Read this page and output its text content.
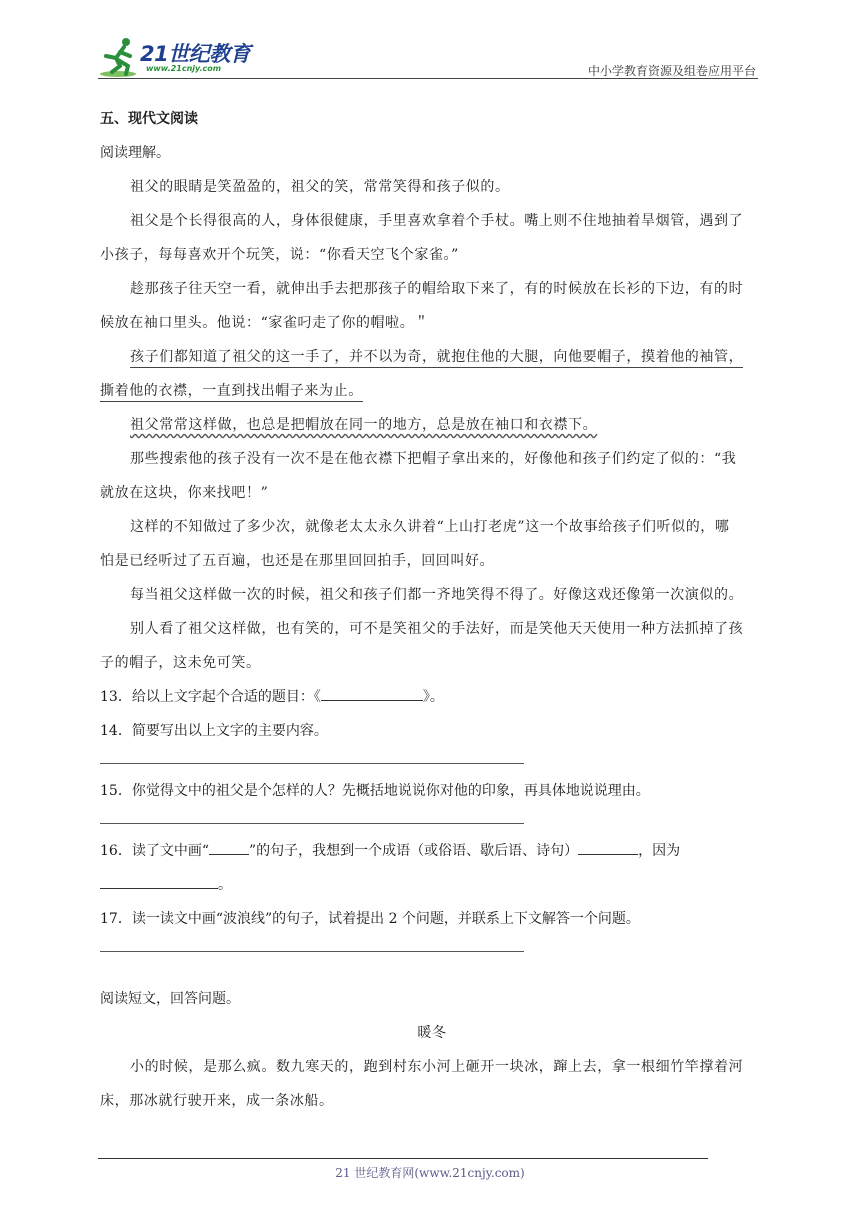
21世纪教育
www.21cnjy.com	中小学教育资源及组卷应用平台

五、现代文阅读

阅读理解。

祖父的眼睛是笑盈盈的，祖父的笑，常常笑得和孩子似的。

祖父是个长得很高的人，身体很健康，手里喜欢拿着个手杖。嘴上则不住地抽着旱烟管，遇到了

小孩子，每每喜欢开个玩笑，说：“你看天空飞个家雀。”

趁那孩子往天空一看，就伸出手去把那孩子的帽给取下来了，有的时候放在长衫的下边，有的时

候放在袖口里头。他说：“家雀叼走了你的帽啦。＂

孩子们都知道了祖父的这一手了，并不以为奇，就抱住他的大腿，向他要帽子，摸着他的袖管，

撕着他的衣襟，一直到找出帽子来为止。

祖父常常这样做，也总是把帽放在同一的地方，总是放在袖口和衣襟下。

那些搜索他的孩子没有一次不是在他衣襟下把帽子拿出来的，好像他和孩子们约定了似的：“我

就放在这块，你来找吧！”

这样的不知做过了多少次，就像老太太永久讲着“上山打老虎”这一个故事给孩子们听似的，哪

怕是已经听过了五百遍，也还是在那里回回拍手，回回叫好。

每当祖父这样做一次的时候，祖父和孩子们都一齐地笑得不得了。好像这戏还像第一次演似的。

别人看了祖父这样做，也有笑的，可不是笑祖父的手法好，而是笑他天天使用一种方法抓掉了孩

子的帽子，这未免可笑。

13．给以上文字起个合适的题目：《	》。

14．简要写出以上文字的主要内容。

15．你觉得文中的祖父是个怎样的人？先概括地说说你对他的印象，再具体地说说理由。

16．读了文中画“	”的句子，我想到一个成语（或俗语、歇后语、诗句）	，因为

。

17．读一读文中画“波浪线”的句子，试着提出 2 个问题，并联系上下文解答一个问题。

阅读短文，回答问题。

暖冬

小的时候，是那么疯。数九寒天的，跑到村东小河上砸开一块冰，蹿上去，拿一根细竹竿撑着河

床，那冰就行驶开来，成一条冰船。

21 世纪教育网(www.21cnjy.com)
